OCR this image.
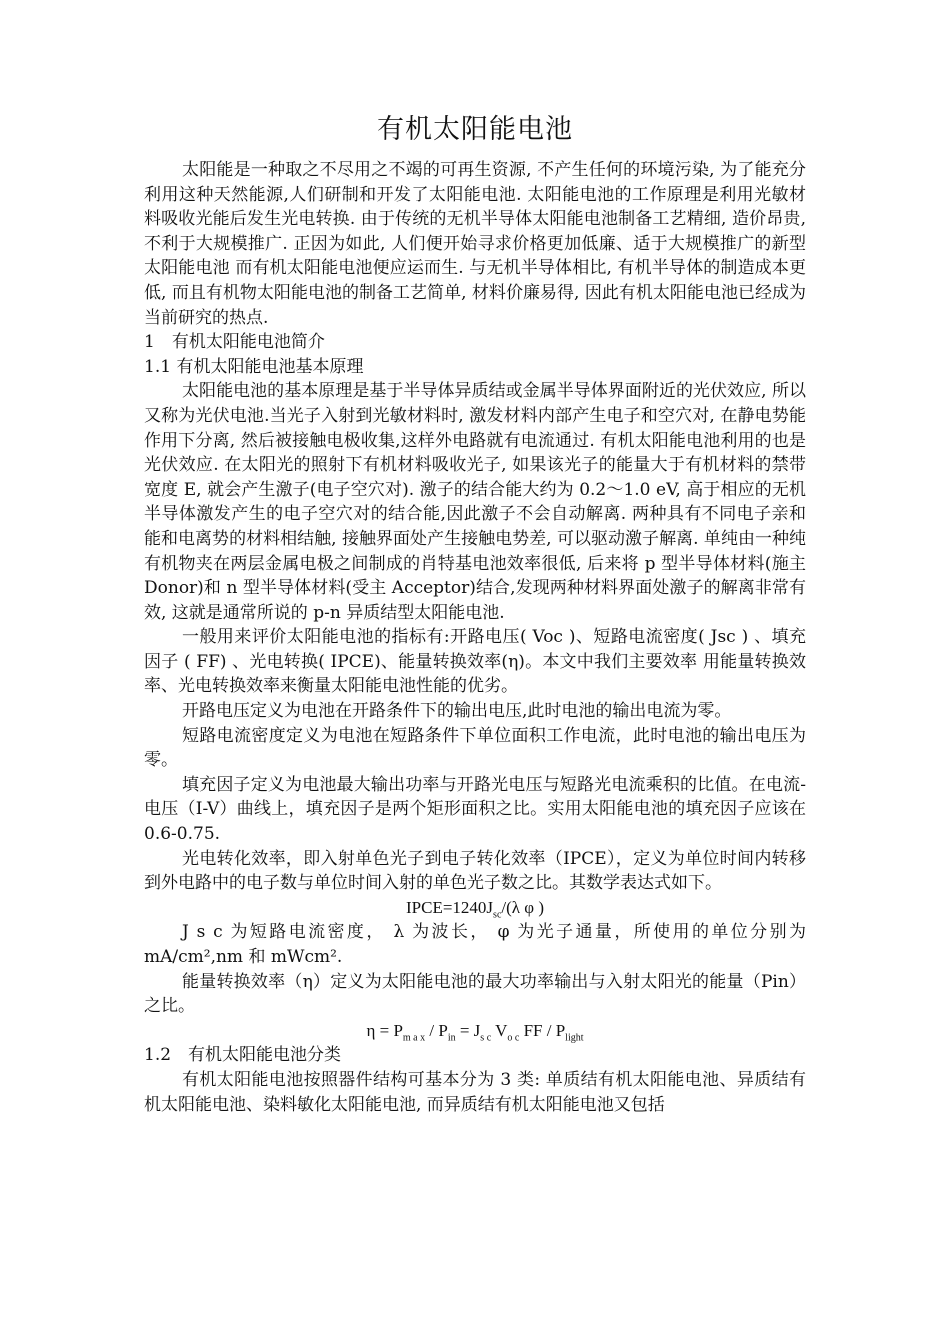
有机太阳能电池

太阳能是一种取之不尽用之不竭的可再生资源, 不产生任何的环境污染, 为了能充分利用这种天然能源,人们研制和开发了太阳能电池. 太阳能电池的工作原理是利用光敏材料吸收光能后发生光电转换. 由于传统的无机半导体太阳能电池制备工艺精细, 造价昂贵, 不利于大规模推广. 正因为如此, 人们便开始寻求价格更加低廉、适于大规模推广的新型太阳能电池 而有机太阳能电池便应运而生. 与无机半导体相比, 有机半导体的制造成本更低, 而且有机物太阳能电池的制备工艺简单, 材料价廉易得, 因此有机太阳能电池已经成为当前研究的热点.

1　有机太阳能电池简介

1.1 有机太阳能电池基本原理

太阳能电池的基本原理是基于半导体异质结或金属半导体界面附近的光伏效应, 所以又称为光伏电池.当光子入射到光敏材料时, 激发材料内部产生电子和空穴对, 在静电势能作用下分离, 然后被接触电极收集,这样外电路就有电流通过. 有机太阳能电池利用的也是光伏效应. 在太阳光的照射下有机材料吸收光子, 如果该光子的能量大于有机材料的禁带宽度 E, 就会产生激子(电子空穴对). 激子的结合能大约为 0.2～1.0 eV, 高于相应的无机半导体激发产生的电子空穴对的结合能,因此激子不会自动解离. 两种具有不同电子亲和能和电离势的材料相结触, 接触界面处产生接触电势差, 可以驱动激子解离. 单纯由一种纯有机物夹在两层金属电极之间制成的肖特基电池效率很低, 后来将 p 型半导体材料(施主 Donor)和 n 型半导体材料(受主 Acceptor)结合,发现两种材料界面处激子的解离非常有效, 这就是通常所说的 p-n 异质结型太阳能电池.

一般用来评价太阳能电池的指标有:开路电压( Voc )、短路电流密度( Jsc ) 、填充因子 ( FF) 、光电转换( IPCE)、能量转换效率(η)。本文中我们主要效率 用能量转换效率、光电转换效率来衡量太阳能电池性能的优劣。

开路电压定义为电池在开路条件下的输出电压,此时电池的输出电流为零。

短路电流密度定义为电池在短路条件下单位面积工作电流，此时电池的输出电压为零。

填充因子定义为电池最大输出功率与开路光电压与短路光电流乘积的比值。在电流-电压（I-V）曲线上，填充因子是两个矩形面积之比。实用太阳能电池的填充因子应该在 0.6-0.75.

光电转化效率，即入射单色光子到电子转化效率（IPCE），定义为单位时间内转移到外电路中的电子数与单位时间入射的单色光子数之比。其数学表达式如下。

$IPCE=1240J_{sc}/(\lambda$ φ )

J s c 为短路电流密度， λ 为波长， φ 为光子通量，所使用的单位分别为mA/cm²,nm 和 mWcm².

能量转换效率（η）定义为太阳能电池的最大功率输出与入射太阳光的能量（Pin）之比。

$\eta = P_{m a x} / P_{in} = J_{s c}$ $V_{o c}$ FF / $P_{light}$

1.2　有机太阳能电池分类

有机太阳能电池按照器件结构可基本分为 3 类: 单质结有机太阳能电池、异质结有机太阳能电池、染料敏化太阳能电池, 而异质结有机太阳能电池又包括
